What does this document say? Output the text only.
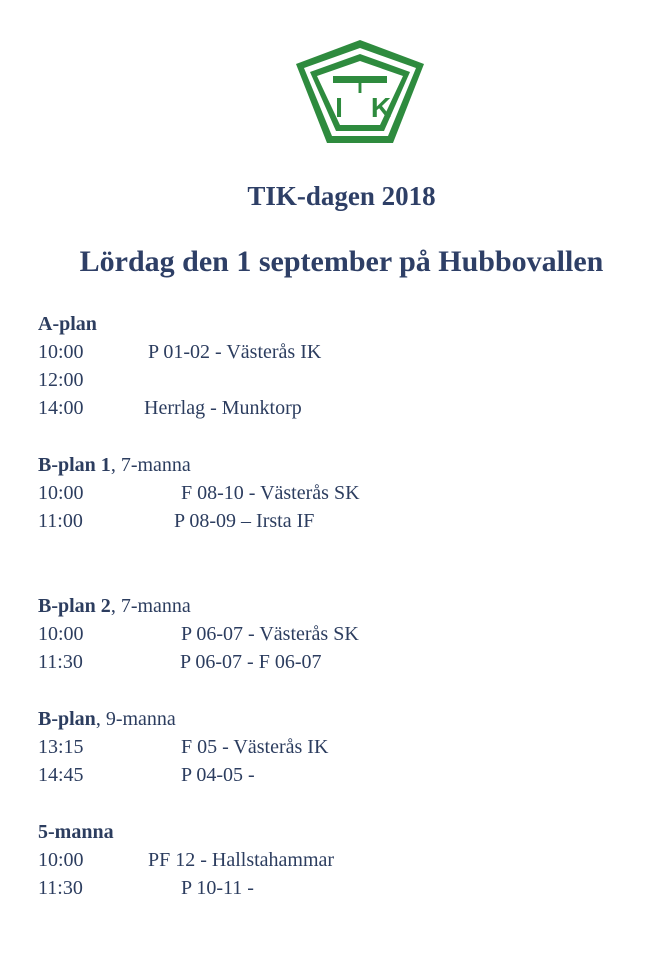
T
I K
TIK-dagen 2018
Lördag den 1 september på Hubbovallen
A-plan
10:00	P 01-02 - Västerås IK
12:00
14:00	Herrlag - Munktorp
B-plan 1, 7-manna
10:00	F 08-10 - Västerås SK
11:00	P 08-09 – Irsta IF
B-plan 2, 7-manna
10:00	P 06-07 - Västerås SK
11:30	P 06-07 - F 06-07
B-plan, 9-manna
13:15	F 05 - Västerås IK
14:45	P 04-05 -
5-manna
10:00	PF 12 - Hallstahammar
11:30	P 10-11 -
